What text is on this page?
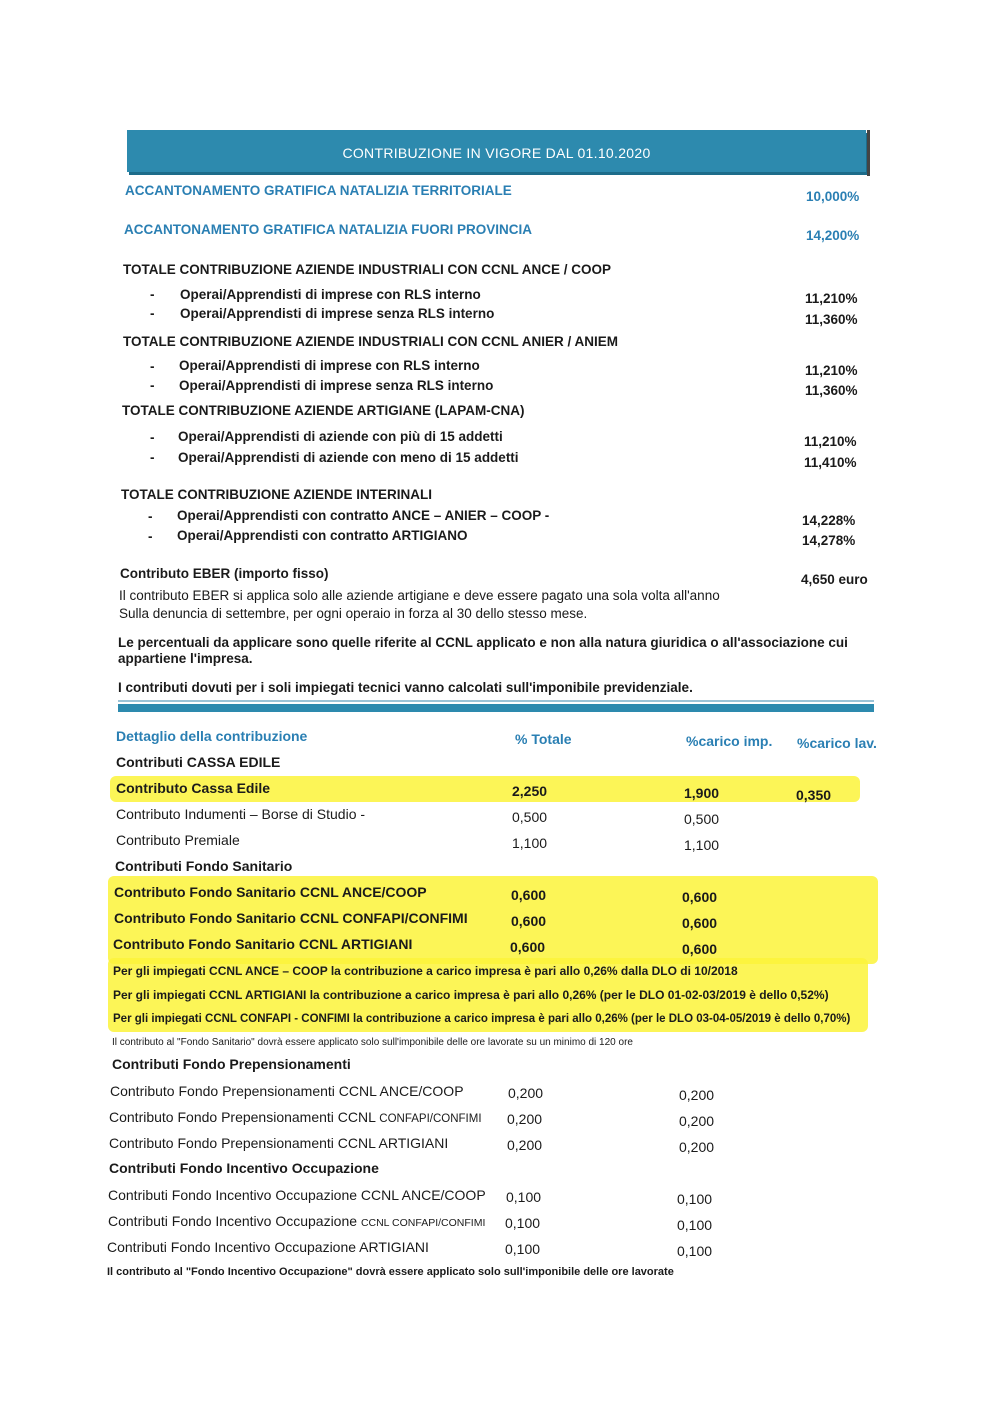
CONTRIBUZIONE IN VIGORE DAL 01.10.2020
ACCANTONAMENTO GRATIFICA NATALIZIA TERRITORIALE	10,000%
ACCANTONAMENTO GRATIFICA NATALIZIA FUORI PROVINCIA	14,200%
TOTALE CONTRIBUZIONE AZIENDE INDUSTRIALI CON CCNL ANCE / COOP
- Operai/Apprendisti di imprese con RLS interno	11,210%
- Operai/Apprendisti di imprese senza RLS interno	11,360%
TOTALE CONTRIBUZIONE AZIENDE INDUSTRIALI CON CCNL ANIER / ANIEM
- Operai/Apprendisti di imprese con RLS interno	11,210%
- Operai/Apprendisti di imprese senza RLS interno	11,360%
TOTALE CONTRIBUZIONE AZIENDE ARTIGIANE (LAPAM-CNA)
- Operai/Apprendisti di aziende con più di 15 addetti	11,210%
- Operai/Apprendisti di aziende con meno di 15 addetti	11,410%
TOTALE CONTRIBUZIONE AZIENDE INTERINALI
- Operai/Apprendisti con contratto ANCE – ANIER – COOP -	14,228%
- Operai/Apprendisti con contratto ARTIGIANO	14,278%
Contributo EBER (importo fisso)	4,650 euro
Il contributo EBER si applica solo alle aziende artigiane e deve essere pagato una sola volta all'anno
Sulla denuncia di settembre, per ogni operaio in forza al 30 dello stesso mese.
Le percentuali da applicare sono quelle riferite al CCNL applicato e non alla natura giuridica o all'associazione cui
appartiene l'impresa.
I contributi dovuti per i soli impiegati tecnici vanno calcolati sull'imponibile previdenziale.
Dettaglio della contribuzione	% Totale	%carico imp. %carico lav.
Contributi CASSA EDILE
Contributo Cassa Edile	2,250	1,900	0,350
Contributo Indumenti – Borse di Studio -	0,500	0,500
Contributo Premiale	1,100	1,100
Contributi Fondo Sanitario
Contributo Fondo Sanitario CCNL ANCE/COOP	0,600	0,600
Contributo Fondo Sanitario CCNL CONFAPI/CONFIMI	0,600	0,600
Contributo Fondo Sanitario CCNL ARTIGIANI	0,600	0,600
Per gli impiegati CCNL ANCE – COOP la contribuzione a carico impresa è pari allo 0,26% dalla DLO di 10/2018
Per gli impiegati CCNL ARTIGIANI la contribuzione a carico impresa è pari allo 0,26% (per le DLO 01-02-03/2019 è dello 0,52%)
Per gli impiegati CCNL CONFAPI - CONFIMI la contribuzione a carico impresa è pari allo 0,26% (per le DLO 03-04-05/2019 è dello 0,70%)
Il contributo al "Fondo Sanitario" dovrà essere applicato solo sull'imponibile delle ore lavorate su un minimo di 120 ore
Contributi Fondo Prepensionamenti
Contributo Fondo Prepensionamenti CCNL ANCE/COOP	0,200	0,200
Contributo Fondo Prepensionamenti CCNL CONFAPI/CONFIMI 0,200	0,200
Contributo Fondo Prepensionamenti CCNL ARTIGIANI	0,200	0,200
Contributi Fondo Incentivo Occupazione
Contributi Fondo Incentivo Occupazione CCNL ANCE/COOP 0,100	0,100
Contributi Fondo Incentivo Occupazione CCNL CONFAPI/CONFIMI 0,100	0,100
Contributi Fondo Incentivo Occupazione ARTIGIANI	0,100	0,100
Il contributo al "Fondo Incentivo Occupazione" dovrà essere applicato solo sull'imponibile delle ore lavorate
